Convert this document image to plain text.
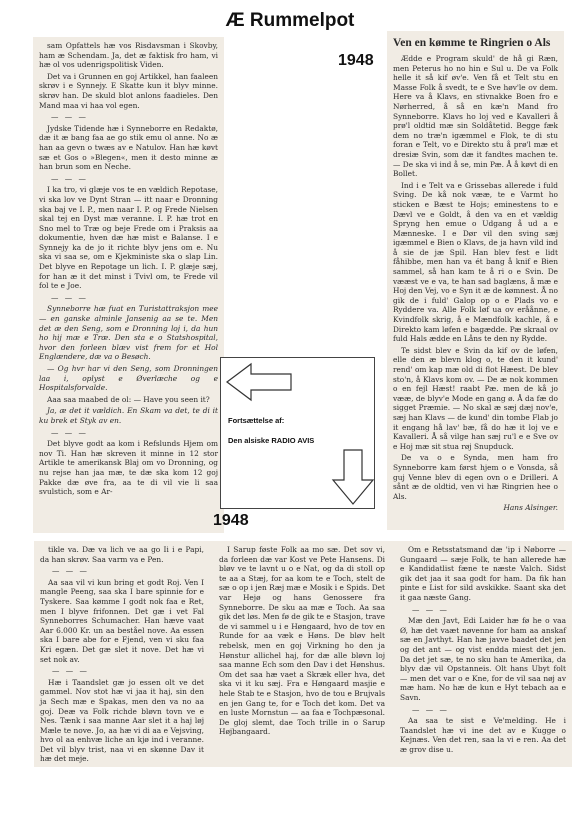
Æ Rummelpot

sam Opfattels hæ vos Risdavsman i Skovby, ham æ Schendam. Ja, det æ faktisk fro ham, vi hæ ol vos udenrigspolitisk Viden.

Det va i Grunnen en goj Artikkel, han faaleen skrøv i e Synnejy. E Skatte kun it blyv minne. skrøv han. De skuld blot anlons faadieles. Den Mand maa vi haa vol egen.

— — —

Jydske Tidende hæ i Synneborre en Redaktø, dæ it æ bang faa ae go stik emu ol anne. No æ han aa gevn o twæs av e Natulov. Han hæ køvt sæ et Gos o »Blegen«, men it desto minne æ han brun som en Neche.

— — —

I ka tro, vi glæje vos te en vældich Repotase, vi ska lov ve Dynt Stran — itt naar e Dronning ska baj ve I. P., men naar I. P. og Frede Nielsen skal tej en Dyst mæ veranne. I. P. hæ trot en Sno mel to Træ og beje Frede om i Praksis aa dokumentie, hven dæ hæ mist e Balanse. I e Synnejy ka de jo it richte blyv jens om e. Nu ska vi saa se, om e Kjekministe ska o slap Lin. Det blyve en Repotage un lich. I. P. glæje sæj, for han æ it det minst i Tvivl om, te Frede vil fol te e Joe.

— — —

Synneborre hæ fuat en Turistattraksjon mee — en ganske alminle Jansenig aa se te. Men det æ den Seng, som e Dronning loj i, da hun ho hij mæ e Træ. Den sta e o Statshospital, hvor den forleen blæv vist frem for et Hol Englændere, dæ va o Besøch.

— Og hvr har vi den Seng, som Dronningen laa i, oplyst e Øverlæche og e Hospitalsforvalde.

Aaa saa maabed de ol: — Have you seen it?

Ja, æ det it vældich. En Skam va det, te di it ku brek et Styk av en.

— — —

Det blyve godt aa kom i Refslunds Hjem om nov Ti. Han hæ skreven it minne in 12 stor Artikle te amerikansk Blaj om vo Dronning, og nu rejse han jaa mæ, te dæ ska kom 12 goj Pakke dæ øve fra, aa te di vil vie li saa svulstich, som e Ar-

1948
Ven en kømme te Ringrien o Als

Ædde e Program skuld' de hå gi Ræn, men Peterus ho no hin e Sul u. De va Folk helle it så kif øv'e. Ven få et Telt stu en Masse Folk å svedt, te e Sve høv'le ov dem. Here va å Klavs, en stivnakke Boen fro e Nørherred, å så en kæ'n Mand fro Synneborre. Klavs ho loj ved e Kavalleri å prø'l oldtid mæ sin Soldåtetid. Begge fæk dem no træ'n igæmmel e Flok, te di stu foran e Telt, vo e Direkto stu å prø'l mæ et dresiæ Svin, som dæ it fandtes machen te. — De ska vi ind å se, min Pæ. Å å køvt di en Bollet.

Ind i e Telt va e Grissebas allerede i fuld Sving. De kå nok vææ, te e Varmt ho sticken e Bæst te Hojs; eminestens to e Dævl ve e Goldt, å den va en et vældig Spryng hen emue o Udgang å ud a e Mænneske. I e Dør vil den sving sæj igæmmel e Bien o Klavs, de ja havn vild ind å sie de jæ Spil. Han blev fest e lidt fåhibbe, men han va ét bang å knif e Bien sammel, så han kam te å ri o e Svin. De vææst ve e va, te han sad baglæns, å mæ e Hoj den Vej, vo e Syn it æ de kømnest. Å no gik de i fuld' Galop op o e Plads vo e Ryddere va. Alle Folk løf ua ov eråånne, e Kvindfolk skrig, å e Mændfolk kachle, å e Direkto kam løfen e bagædde. Pæ skraal ov fuld Hals ædde en Låns te den ny Rydde.

Te sidst blev e Svin da kif ov de løfen, elle den æ blevn klog o, te den it kund' rend' om kap mæ old di flot Hæest. De blev sto'n, å Klavs kom ov. — De æ nok kommen o en fejl Hæst! raabt Pæ. men de kå jo vææ, de blyv'e Mode en gang ø. Å da fæ do sigget Præmie. — No skal æ sæj dæj nov'e, sæj han Klavs — de kund' din tombe Flab jo it engang hå lav' bæ, få do hæ it loj ve e Kavalleri. Å så vilge han sæj ru'l e e Sve ov e Hoj mæ sit stua røj Snupduck.

De va o e Synda, men ham fro Synneborre kam først hjem o e Vonsda, så guj Venne blev di egen ovn o e Drilleri. A sånt æ de oldtid, ven vi hæ Ringrien hee o Als.

Hans Alsinger.

Fortsættelse af:
Den alsiske RADIO AVIS
1948

tikle va. Dæ va lich ve aa go Ii i e Papi, da han skrøv. Saa varm va e Pen.

— — —

Aa saa vil vi kun bring et godt Roj. Ven I mangle Peeng, saa ska I bare spinnie for e Tyskere. Saa kømme I godt nok faa e Ret, men I blyve frifonnen. Det gæ i vet Fal Synneborres Schumacher. Han hæve vaat Aar 6.000 Kr. un aa beståel nove. Aa essen ska I bare abe for e Fjend, ven vi sku faa Kri egæn. Det gæ slet it nove. Det hæ vi set nok av.

— — —

Hæ i Taandslet gæ jo essen olt ve det gammel. Nov stot hæ vi jaa it haj, sin den ja Sech mæ e Spakas, men den va no aa goj. Deæ va Folk richde bløvn tovn ve e Nes. Tænk i saa manne Aar slet it a haj løj Mæle te nove. Jo, aa hæ vi di aa e Vejsving, hvo ol aa enhvæ liche an kjø ind i veranne. Det vil blyv trist, naa vi en skønne Dav it hæ det meje.

I Sarup føste Folk aa mo sæ. Det sov vi, da forleen dæ var Kost ve Pete Hansens. Di bløv ve te lavnt u o e Nat, og da di stoll op te aa a Stæj, for aa kom te e Toch, stelt de sæ o op i jen Ræj mæ e Mosik i e Spids. Det var Hejø og hans Genossere fra Synneborre. De sku aa mæ e Toch. Aa saa gik det løs. Men fø de gik te e Stasjon, trave de vi sammel u i e Høngaard, hvo de tov en Runde for aa væk e Høns. De bløv helt rebelsk, men en goj Virkning ho den ja Hønstur allichel haj, for dæ alle bløvn loj saa manne Ech som den Dav i det Hønshus. Om det saa hæ vaet a Skræk eller hva, det ska vi it ku sæj. Fra e Høngaard masjie e hele Stab te e Stasjon, hvo de tou e Brujvals en jen Gang te, for e Toch det kom. Det va en luste Mornstun — aa faa e Tochpæsonal. De gloj slemt, dae Toch trille in o Sarup Højbangaard.

Om e Retsstatsmand dæ 'ip i Nøborre — Gungaard — sæje Folk, te han allerede hæ e Kandidatlist fæne te næste Valch. Sidst gik det jaa it saa godt for ham. Da fik han pinte e List for sild avskikke. Saant ska det it gaa næste Gang.

— — —

Mæ den Javt, Edi Laider hæ fø he o vaa Ø, hæ det vaæt nøvenne for ham aa anskaf sæ en Javthyt. Han hæ javve baadet det jen og det ant — og vist endda miest det jen. Da det jet sæ, te no sku han te Amerika, da blyv dæ vil Opstanneis. Olt hans Ubyt folt — men det var o e Kne, for de vil saa nøj av mæ ham. No hæ de kun e Hyt tebach aa e Savn.

— — —

Aa saa te sist e Ve'melding. He i Taandslet hæ vi ine det av e Kugge o Kejnæs. Ven det ren, saa la vi e ren. Aa det æ grov dise u.
